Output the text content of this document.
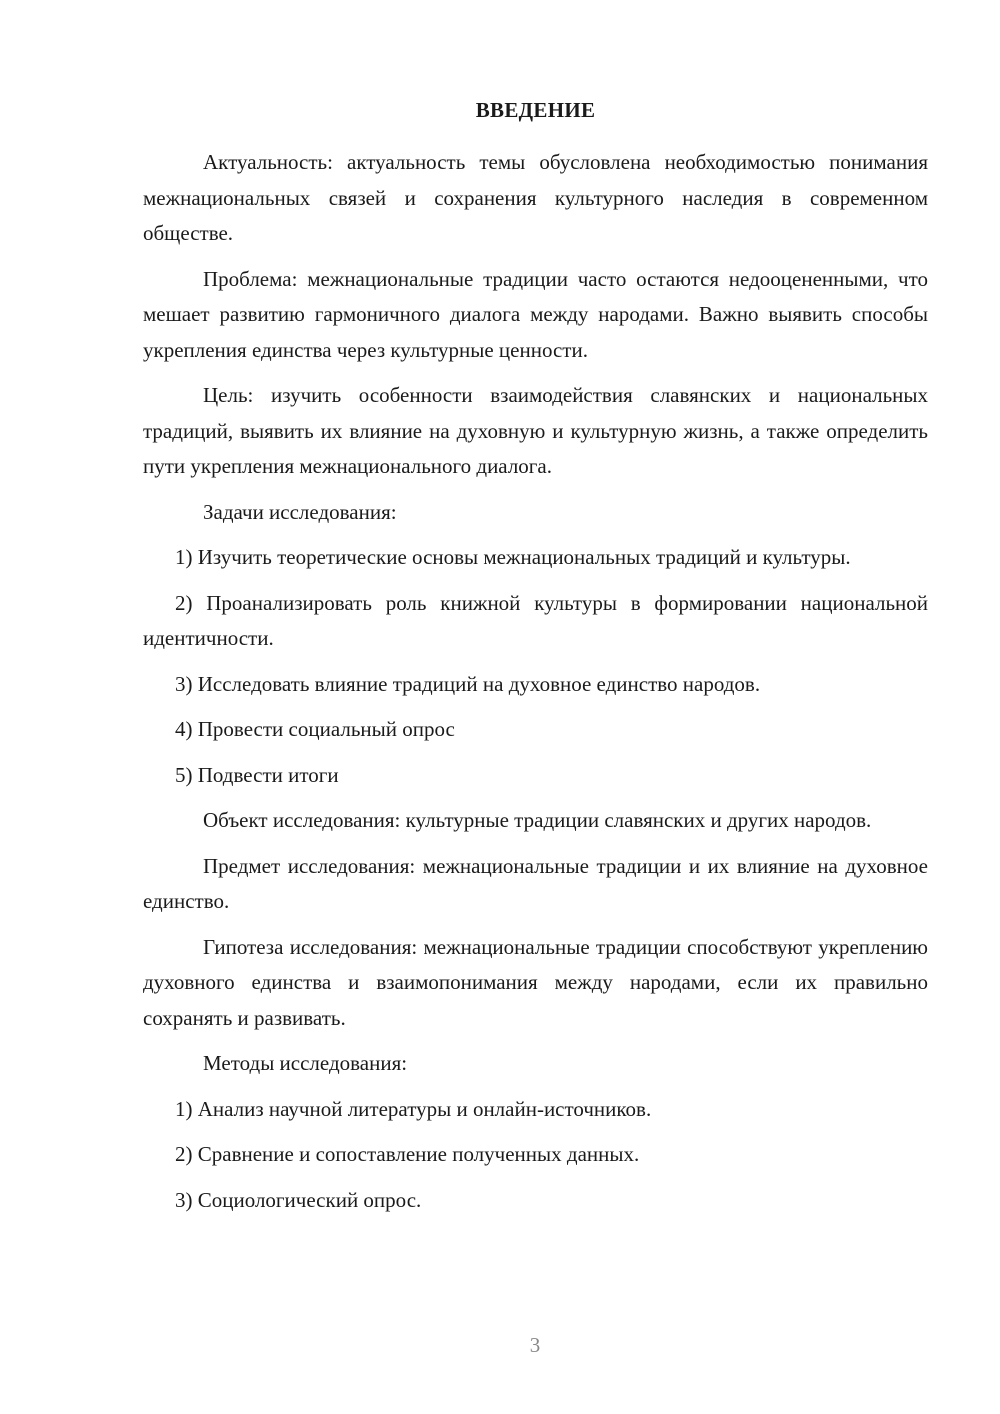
ВВЕДЕНИЕ

Актуальность: актуальность темы обусловлена необходимостью понимания межнациональных связей и сохранения культурного наследия в современном обществе.

Проблема: межнациональные традиции часто остаются недооцененными, что мешает развитию гармоничного диалога между народами. Важно выявить способы укрепления единства через культурные ценности.

Цель: изучить особенности взаимодействия славянских и национальных традиций, выявить их влияние на духовную и культурную жизнь, а также определить пути укрепления межнационального диалога.

Задачи исследования:

1) Изучить теоретические основы межнациональных традиций и культуры.

2) Проанализировать роль книжной культуры в формировании национальной идентичности.

3) Исследовать влияние традиций на духовное единство народов.

4) Провести социальный опрос

5) Подвести итоги

Объект исследования: культурные традиции славянских и других народов.

Предмет исследования: межнациональные традиции и их влияние на духовное единство.

Гипотеза исследования: межнациональные традиции способствуют укреплению духовного единства и взаимопонимания между народами, если их правильно сохранять и развивать.

Методы исследования:

1) Анализ научной литературы и онлайн-источников.

2) Сравнение и сопоставление полученных данных.

3) Социологический опрос.

3
